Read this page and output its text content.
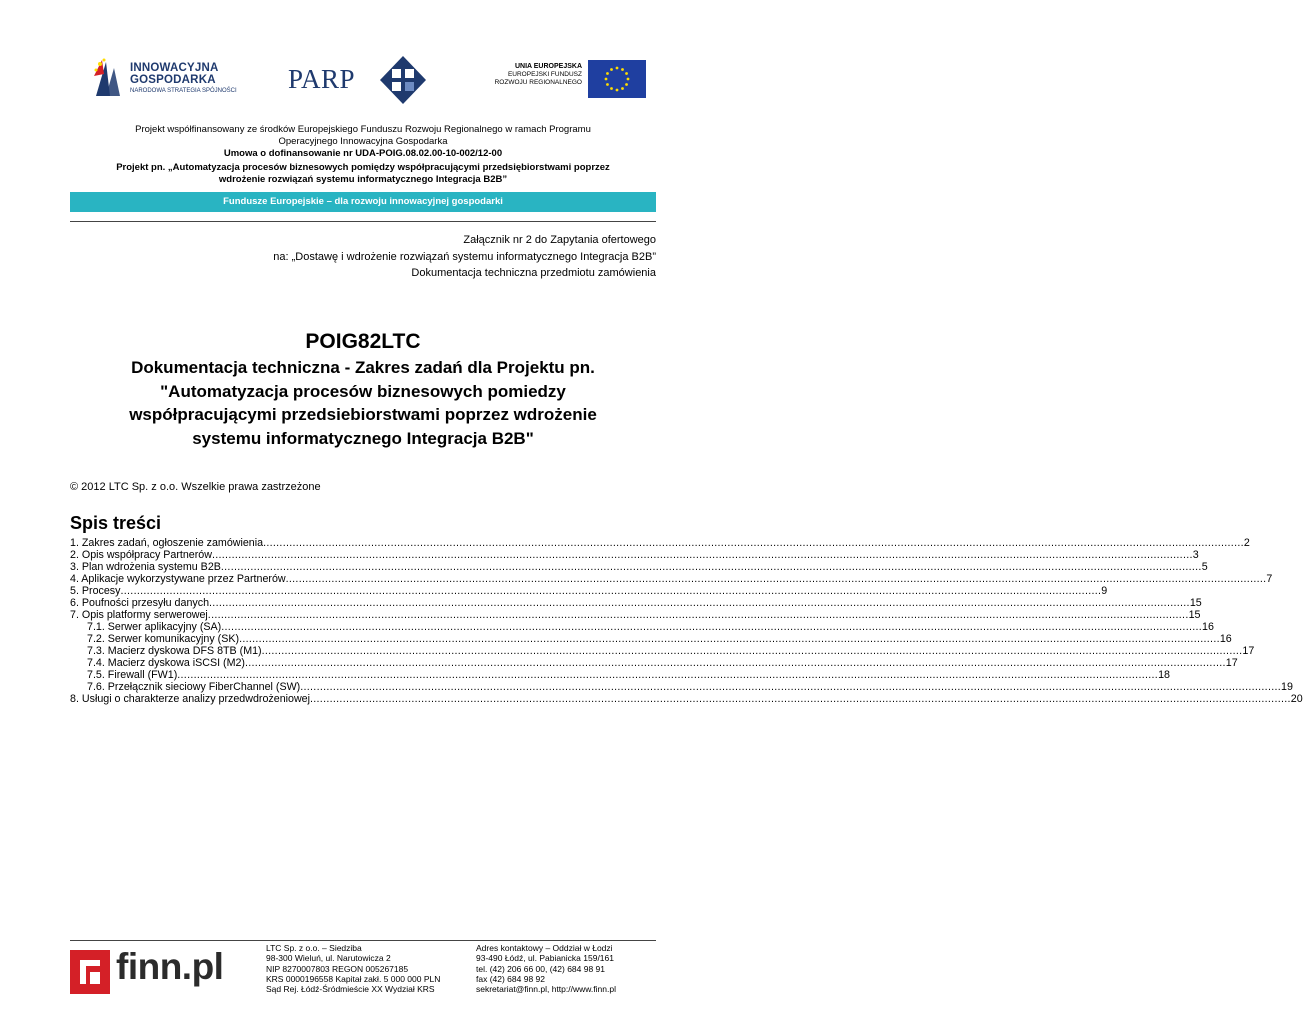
INNOWACYJNA
GOSPODARKA
NARODOWA STRATEGIA SPÓJNOŚCI PARP	UNIA EUROPEJSKA
EUROPEJSKI FUNDUSZ
ROZWOJU REGIONALNEGO
Projekt współfinansowany ze środków Europejskiego Funduszu Rozwoju Regionalnego w ramach Programu
Operacyjnego Innowacyjna Gospodarka
Umowa o dofinansowanie nr UDA-POIG.08.02.00-10-002/12-00
Projekt pn. „Automatyzacja procesów biznesowych pomiędzy współpracującymi przedsiębiorstwami poprzez
wdrożenie rozwiązań systemu informatycznego Integracja B2B”
Fundusze Europejskie – dla rozwoju innowacyjnej gospodarki
Załącznik nr 2 do Zapytania ofertowego
na: „Dostawę i wdrożenie rozwiązań systemu informatycznego Integracja B2B”
Dokumentacja techniczna przedmiotu zamówienia
POIG82LTC
Dokumentacja techniczna - Zakres zadań dla Projektu pn.
"Automatyzacja procesów biznesowych pomiedzy
współpracującymi przedsiebiorstwami poprzez wdrożenie
systemu informatycznego Integracja B2B"
© 2012 LTC Sp. z o.o. Wszelkie prawa zastrzeżone
Spis treści
1. Zakres zadań, ogłoszenie zamówienia ............................................................................................................................................................................................................................................................................................................ 2
2. Opis współpracy Partnerów ............................................................................................................................................................................................................................................................................................................ 3
3. Plan wdrożenia systemu B2B ............................................................................................................................................................................................................................................................................................................ 5
4. Aplikacje wykorzystywane przez Partnerów ............................................................................................................................................................................................................................................................................................................ 7
5. Procesy ............................................................................................................................................................................................................................................................................................................ 9
6. Poufności przesyłu danych ............................................................................................................................................................................................................................................................................................................ 15
7. Opis platformy serwerowej ............................................................................................................................................................................................................................................................................................................ 15
7.1. Serwer aplikacyjny (SA) ............................................................................................................................................................................................................................................................................................................ 16
7.2. Serwer komunikacyjny (SK) ............................................................................................................................................................................................................................................................................................................ 16
7.3. Macierz dyskowa DFS 8TB (M1) ............................................................................................................................................................................................................................................................................................................ 17
7.4. Macierz dyskowa iSCSI (M2) ............................................................................................................................................................................................................................................................................................................ 17
7.5. Firewall (FW1) ............................................................................................................................................................................................................................................................................................................ 18
7.6. Przełącznik sieciowy FiberChannel (SW) ............................................................................................................................................................................................................................................................................................................ 19
8. Usługi o charakterze analizy przedwdrożeniowej ............................................................................................................................................................................................................................................................................................................ 20
finn.pl	LTC Sp. z o.o. – Siedziba
98-300 Wieluń, ul. Narutowicza 2
NIP 8270007803 REGON 005267185
KRS 0000196558 Kapitał zakł. 5 000 000 PLN
Sąd Rej. Łódź-Śródmieście XX Wydział KRS
Adres kontaktowy – Oddział w Łodzi
93-490 Łódź, ul. Pabianicka 159/161
tel. (42) 206 66 00, (42) 684 98 91
fax (42) 684 98 92
sekretariat@finn.pl, http://www.finn.pl
